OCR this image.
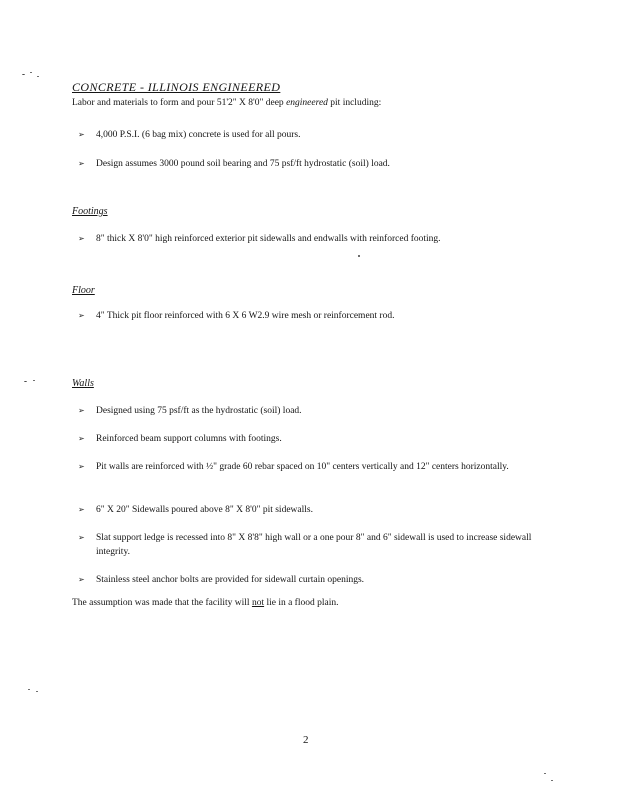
CONCRETE - ILLINOIS ENGINEERED
Labor and materials to form and pour 51'2" X 8'0" deep engineered pit including:
➢ 4,000 P.S.I. (6 bag mix) concrete is used for all pours.
➢ Design assumes 3000 pound soil bearing and 75 psf/ft hydrostatic (soil) load.
Footings
➢ 8" thick X 8'0" high reinforced exterior pit sidewalls and endwalls with reinforced footing.
Floor
➢ 4" Thick pit floor reinforced with 6 X 6 W2.9 wire mesh or reinforcement rod.
Walls
➢ Designed using 75 psf/ft as the hydrostatic (soil) load.
➢ Reinforced beam support columns with footings.
➢ Pit walls are reinforced with ½" grade 60 rebar spaced on 10" centers vertically and 12" centers horizontally.
➢ 6" X 20" Sidewalls poured above 8" X 8'0" pit sidewalls.
➢ Slat support ledge is recessed into 8" X 8'8" high wall or a one pour 8" and 6" sidewall is used to increase sidewall integrity.
➢ Stainless steel anchor bolts are provided for sidewall curtain openings.
The assumption was made that the facility will not lie in a flood plain.
2
